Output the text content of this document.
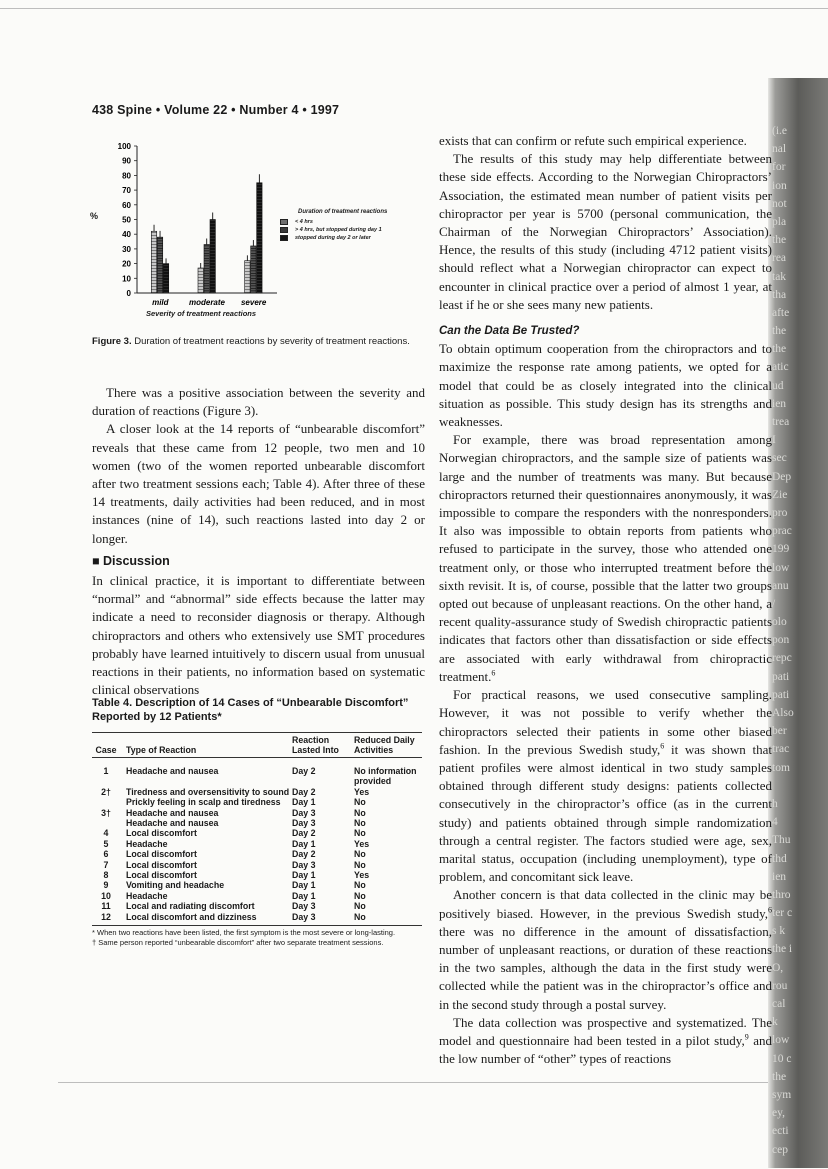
(i.e
nal
for
ion
not
pla
the
rea
tak
tha
afte
the
the
atic
ud
ien
trea
I
sec
Dep
Zie
pro
prac
199
low
anu
/
olo
pon
repc
pati
pati
Also
ber
trac
tom
h
4
Thu
thd
ien
thro
ter c
s k
the i
O,
rou
cal
k
low
10 c
the
sym
ey,
ecti
cep
438 Spine • Volume 22 • Number 4 • 1997
0
10
20
30
40
50
60
70
80
90
100
mild	moderate severe
%
Severity of treatment reactions
Duration of treatment reactions
< 4 hrs
> 4 hrs, but stopped during day 1
stopped during day 2 or later
Figure 3. Duration of treatment reactions by severity of treatment reactions.

There was a positive association between the severity and duration of reactions (Figure 3).

A closer look at the 14 reports of “unbearable discomfort” reveals that these came from 12 people, two men and 10 women (two of the women reported unbearable discomfort after two treatment sessions each; Table 4). After three of these 14 treatments, daily activities had been reduced, and in most instances (nine of 14), such reactions lasted into day 2 or longer.

■ Discussion

In clinical practice, it is important to differentiate between “normal” and “abnormal” side effects because the latter may indicate a need to reconsider diagnosis or therapy. Although chiropractors and others who extensively use SMT procedures probably have learned intuitively to discern usual from unusual reactions in their patients, no information based on systematic clinical observations

Table 4. Description of 14 Cases of “Unbearable Discomfort” Reported by 12 Patients*
Case	Type of Reaction	Reaction Lasted Into	Reduced Daily Activities
1	Headache and nausea	Day 2	No information provided
2†	Tiredness and oversensitivity to sound	Day 2	Yes
	Prickly feeling in scalp and tiredness	Day 1	No
3†	Headache and nausea	Day 3	No
	Headache and nausea	Day 3	No
4	Local discomfort	Day 2	No
5	Headache	Day 1	Yes
6	Local discomfort	Day 2	No
7	Local discomfort	Day 3	No
8	Local discomfort	Day 1	Yes
9	Vomiting and headache	Day 1	No
10	Headache	Day 1	No
11	Local and radiating discomfort	Day 3	No
12	Local discomfort and dizziness	Day 3	No
* When two reactions have been listed, the first symptom is the most severe or long-lasting.
† Same person reported “unbearable discomfort” after two separate treatment sessions.

exists that can confirm or refute such empirical experience.

The results of this study may help differentiate between these side effects. According to the Norwegian Chiropractors’ Association, the estimated mean number of patient visits per chiropractor per year is 5700 (personal communication, the Chairman of the Norwegian Chiropractors’ Association). Hence, the results of this study (including 4712 patient visits) should reflect what a Norwegian chiropractor can expect to encounter in clinical practice over a period of almost 1 year, at least if he or she sees many new patients.

Can the Data Be Trusted?

To obtain optimum cooperation from the chiropractors and to maximize the response rate among patients, we opted for a model that could be as closely integrated into the clinical situation as possible. This study design has its strengths and weaknesses.

For example, there was broad representation among Norwegian chiropractors, and the sample size of patients was large and the number of treatments was many. But because chiropractors returned their questionnaires anonymously, it was impossible to compare the responders with the nonresponders. It also was impossible to obtain reports from patients who refused to participate in the survey, those who attended one treatment only, or those who interrupted treatment before the sixth revisit. It is, of course, possible that the latter two groups opted out because of unpleasant reactions. On the other hand, a recent quality-assurance study of Swedish chiropractic patients indicates that factors other than dissatisfaction or side effects are associated with early withdrawal from chiropractic treatment.$^6$

For practical reasons, we used consecutive sampling. However, it was not possible to verify whether the chiropractors selected their patients in some other biased fashion. In the previous Swedish study,$^6$ it was shown that patient profiles were almost identical in two study samples obtained through different study designs: patients collected consecutively in the chiropractor’s office (as in the current study) and patients obtained through simple randomization through a central register. The factors studied were age, sex, marital status, occupation (including unemployment), type of problem, and concomitant sick leave.

Another concern is that data collected in the clinic may be positively biased. However, in the previous Swedish study,$^6$ there was no difference in the amount of dissatisfaction, number of unpleasant reactions, or duration of these reactions in the two samples, although the data in the first study were collected while the patient was in the chiropractor’s office and in the second study through a postal survey.

The data collection was prospective and systematized. The model and questionnaire had been tested in a pilot study,$^9$ and the low number of “other” types of reactions
